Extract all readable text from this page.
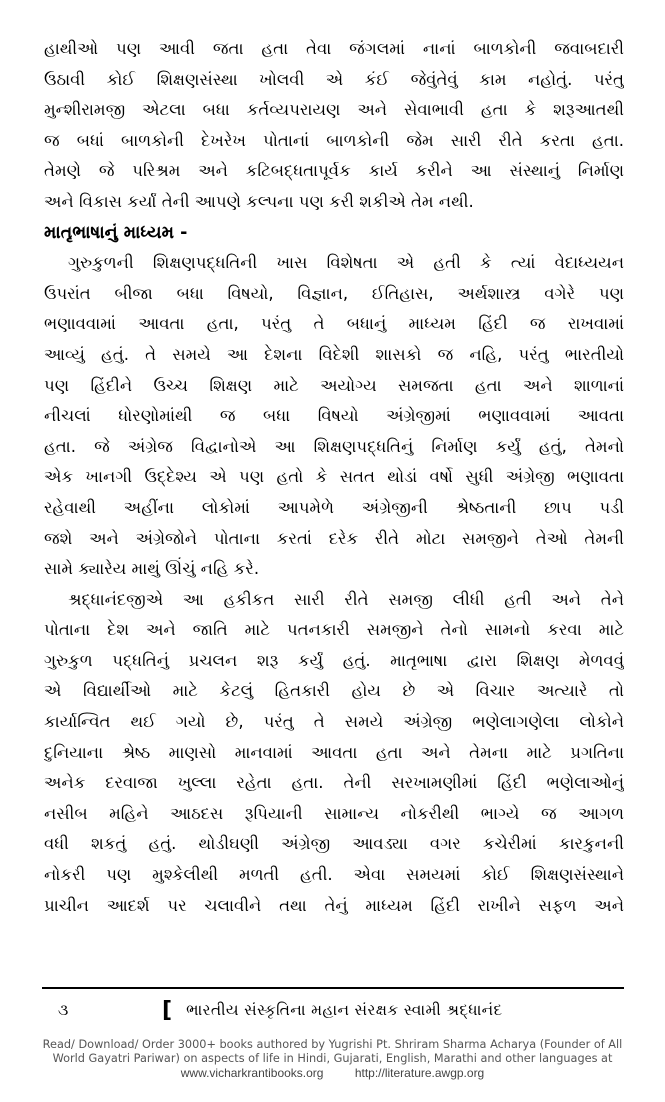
હાથીઓ પણ આવી જતા હતા તેવા જંગલમાં નાનાં બાળકોની જવાબદારી
ઉઠાવી કોઈ શિક્ષણસંસ્થા ખોલવી એ કંઈ જેવુંતેવું કામ નહોતું. પરંતુ
મુન્શીરામજી એટલા બધા કર્તવ્યપરાયણ અને સેવાભાવી હતા કે શરૂઆતથી
જ બધાં બાળકોની દેખરેખ પોતાનાં બાળકોની જેમ સારી રીતે કરતા હતા.
તેમણે જે પરિશ્રમ અને કટિબદ્ધતાપૂર્વક કાર્ય કરીને આ સંસ્થાનું નિર્માણ
અને વિકાસ કર્યાં તેની આપણે કલ્પના પણ કરી શકીએ તેમ નથી.
માતૃભાષાનું માધ્યમ -
ગુરુકુળની શિક્ષણપદ્ધતિની ખાસ વિશેષતા એ હતી કે ત્યાં વેદાધ્યયન
ઉપરાંત બીજા બધા વિષયો, વિજ્ઞાન, ઈતિહાસ, અર્થશાસ્ત્ર વગેરે પણ
ભણાવવામાં આવતા હતા, પરંતુ તે બધાનું માધ્યમ હિંદી જ રાખવામાં
આવ્યું હતું. તે સમયે આ દેશના વિદેશી શાસકો જ નહિ, પરંતુ ભારતીયો
પણ હિંદીને ઉચ્ચ શિક્ષણ માટે અયોગ્ય સમજતા હતા અને શાળાનાં
નીચલાં ધોરણોમાંથી જ બધા વિષયો અંગ્રેજીમાં ભણાવવામાં આવતા
હતા. જે અંગ્રેજ વિદ્વાનોએ આ શિક્ષણપદ્ધતિનું નિર્માણ કર્યું હતું, તેમનો
એક ખાનગી ઉદ્દેશ્ય એ પણ હતો કે સતત થોડાં વર્ષો સુધી અંગ્રેજી ભણાવતા
રહેવાથી અહીંના લોકોમાં આપમેળે અંગ્રેજીની શ્રેષ્ઠતાની છાપ પડી
જશે અને અંગ્રેજોને પોતાના કરતાં દરેક રીતે મોટા સમજીને તેઓ તેમની
સામે ક્યારેય માથું ઊંચું નહિ કરે.
શ્રદ્ધાનંદજીએ આ હકીકત સારી રીતે સમજી લીધી હતી અને તેને
પોતાના દેશ અને જાતિ માટે પતનકારી સમજીને તેનો સામનો કરવા માટે
ગુરુકુળ પદ્ધતિનું પ્રચલન શરૂ કર્યું હતું. માતૃભાષા દ્વારા શિક્ષણ મેળવવું
એ વિદ્યાર્થીઓ માટે કેટલું હિતકારી હોય છે એ વિચાર અત્યારે તો
કાર્યાન્વિત થઈ ગયો છે, પરંતુ તે સમયે અંગ્રેજી ભણેલાગણેલા લોકોને
દુનિયાના શ્રેષ્ઠ માણસો માનવામાં આવતા હતા અને તેમના માટે પ્રગતિના
અનેક દરવાજા ખુલ્લા રહેતા હતા. તેની સરખામણીમાં હિંદી ભણેલાઓનું
નસીબ મહિને આઠદસ રૂપિયાની સામાન્ય નોકરીથી ભાગ્યે જ આગળ
વધી શકતું હતું. થોડીઘણી અંગ્રેજી આવડ્યા વગર કચેરીમાં કારકુનની
નોકરી પણ મુશ્કેલીથી મળતી હતી. એવા સમયમાં કોઈ શિક્ષણસંસ્થાને
પ્રાચીન આદર્શ પર ચલાવીને તથા તેનું માધ્યમ હિંદી રાખીને સફળ અને
૩	[ ભારતીય સંસ્કૃતિના મહાન સંરક્ષક સ્વામી શ્રદ્ધાનંદ
Read/ Download/ Order 3000+ books authored by Yugrishi Pt. Shriram Sharma Acharya (Founder of All
World Gayatri Pariwar) on aspects of life in Hindi, Gujarati, English, Marathi and other languages at
www.vicharkrantibooks.org	http://literature.awgp.org
